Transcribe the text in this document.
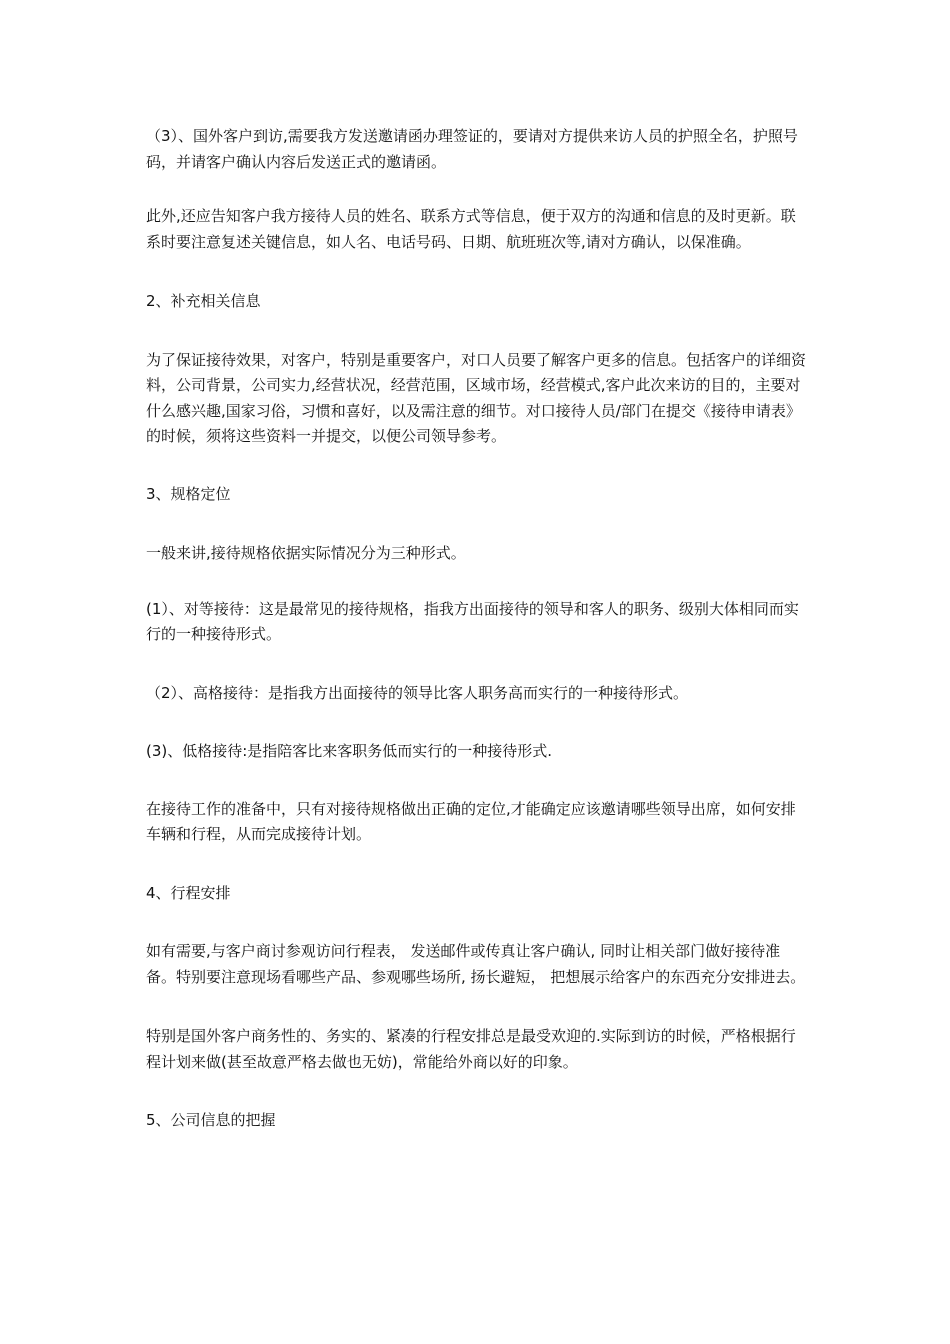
（3）、国外客户到访,需要我方发送邀请函办理签证的，要请对方提供来访人员的护照全名，护照号码，并请客户确认内容后发送正式的邀请函。

此外,还应告知客户我方接待人员的姓名、联系方式等信息，便于双方的沟通和信息的及时更新。联系时要注意复述关键信息，如人名、电话号码、日期、航班班次等,请对方确认，以保准确。

2、补充相关信息

为了保证接待效果，对客户，特别是重要客户，对口人员要了解客户更多的信息。包括客户的详细资料，公司背景，公司实力,经营状况，经营范围，区域市场，经营模式,客户此次来访的目的，主要对什么感兴趣,国家习俗，习惯和喜好，以及需注意的细节。对口接待人员/部门在提交《接待申请表》的时候，须将这些资料一并提交，以便公司领导参考。

3、规格定位

一般来讲,接待规格依据实际情况分为三种形式。

(1）、对等接待：这是最常见的接待规格，指我方出面接待的领导和客人的职务、级别大体相同而实行的一种接待形式。

（2）、高格接待：是指我方出面接待的领导比客人职务高而实行的一种接待形式。

(3)、低格接待:是指陪客比来客职务低而实行的一种接待形式.

在接待工作的准备中，只有对接待规格做出正确的定位,才能确定应该邀请哪些领导出席，如何安排车辆和行程，从而完成接待计划。

4、行程安排

如有需要,与客户商讨参观访问行程表， 发送邮件或传真让客户确认, 同时让相关部门做好接待准备。特别要注意现场看哪些产品、参观哪些场所, 扬长避短， 把想展示给客户的东西充分安排进去。

特别是国外客户商务性的、务实的、紧凑的行程安排总是最受欢迎的.实际到访的时候，严格根据行程计划来做(甚至故意严格去做也无妨)，常能给外商以好的印象。

5、公司信息的把握
